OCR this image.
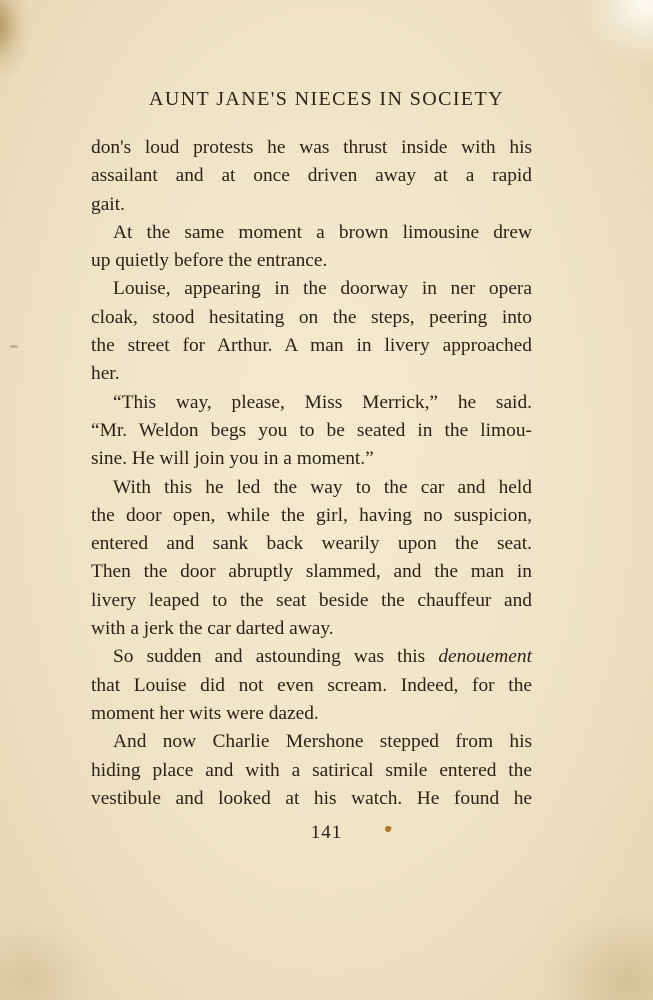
AUNT JANE'S NIECES IN SOCIETY
don's loud protests he was thrust inside with his
assailant and at once driven away at a rapid
gait.
At the same moment a brown limousine drew
up quietly before the entrance.
Louise, appearing in the doorway in ner opera
cloak, stood hesitating on the steps, peering into
the street for Arthur. A man in livery approached
her.
“This way, please, Miss Merrick,” he said.
“Mr. Weldon begs you to be seated in the limou-
sine. He will join you in a moment.”
With this he led the way to the car and held
the door open, while the girl, having no suspicion,
entered and sank back wearily upon the seat.
Then the door abruptly slammed, and the man in
livery leaped to the seat beside the chauffeur and
with a jerk the car darted away.
So sudden and astounding was this denouement
that Louise did not even scream. Indeed, for the
moment her wits were dazed.
And now Charlie Mershone stepped from his
hiding place and with a satirical smile entered the
vestibule and looked at his watch. He found he
141
